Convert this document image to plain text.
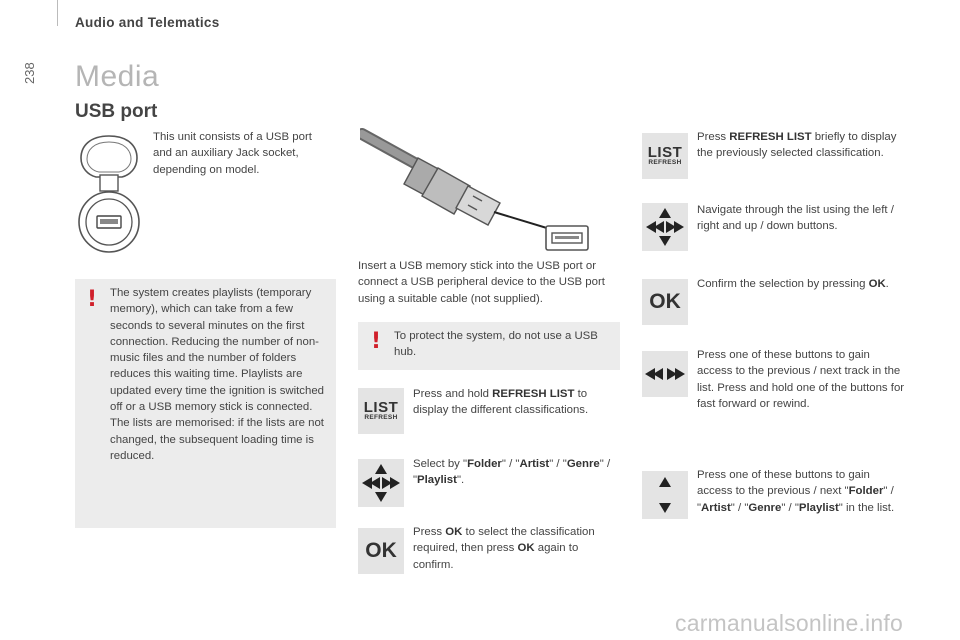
Audio and Telematics
238 Media
USB port
This unit consists of a USB port and an auxiliary Jack socket, depending on model.
! The system creates playlists (temporary memory), which can take from a few seconds to several minutes on the first connection. Reducing the number of non-music files and the number of folders reduces this waiting time. Playlists are updated every time the ignition is switched off or a USB memory stick is connected. The lists are memorised: if the lists are not changed, the subsequent loading time is reduced.
Insert a USB memory stick into the USB port or connect a USB peripheral device to the USB port using a suitable cable (not supplied).
! To protect the system, do not use a USB hub.
LIST
REFRESH
Press and hold REFRESH LIST to display the different classifications.
Select by "Folder" / "Artist" / "Genre" / "Playlist".
OK
Press OK to select the classification required, then press OK again to confirm.
LIST
REFRESH
Press REFRESH LIST briefly to display the previously selected classification.
Navigate through the list using the left / right and up / down buttons.
OK
Confirm the selection by pressing OK.
Press one of these buttons to gain access to the previous / next track in the list. Press and hold one of the buttons for fast forward or rewind.
Press one of these buttons to gain access to the previous / next "Folder" / "Artist" / "Genre" / "Playlist" in the list.
carmanualsonline.info
